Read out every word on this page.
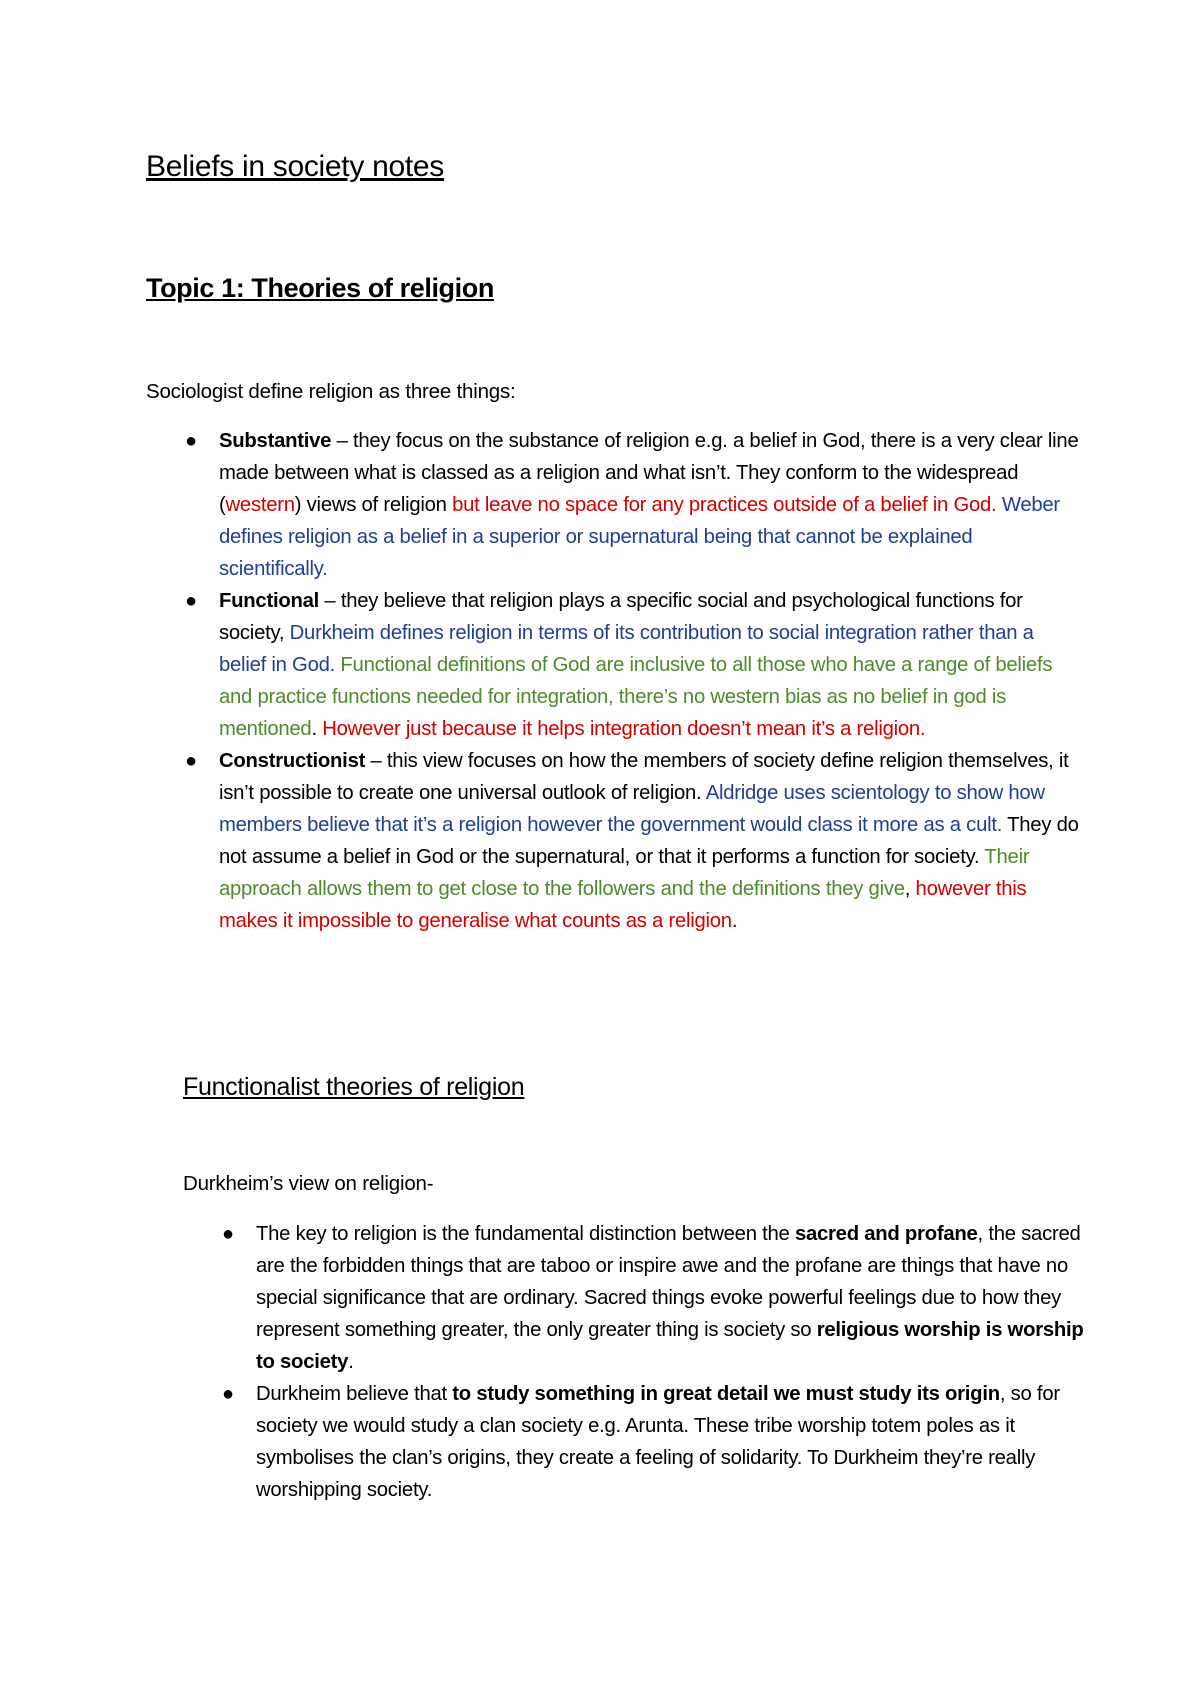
Beliefs in society notes
Topic 1: Theories of religion

Sociologist define religion as three things:

● Substantive – they focus on the substance of religion e.g. a belief in God, there is a very clear line made between what is classed as a religion and what isn’t. They conform to the widespread (western) views of religion but leave no space for any practices outside of a belief in God. Weber defines religion as a belief in a superior or supernatural being that cannot be explained scientifically.
● Functional – they believe that religion plays a specific social and psychological functions for society, Durkheim defines religion in terms of its contribution to social integration rather than a belief in God. Functional definitions of God are inclusive to all those who have a range of beliefs and practice functions needed for integration, there’s no western bias as no belief in god is mentioned. However just because it helps integration doesn’t mean it’s a religion.
● Constructionist – this view focuses on how the members of society define religion themselves, it isn’t possible to create one universal outlook of religion. Aldridge uses scientology to show how members believe that it’s a religion however the government would class it more as a cult. They do not assume a belief in God or the supernatural, or that it performs a function for society. Their approach allows them to get close to the followers and the definitions they give, however this makes it impossible to generalise what counts as a religion.
Functionalist theories of religion

Durkheim’s view on religion-

● The key to religion is the fundamental distinction between the sacred and profane, the sacred are the forbidden things that are taboo or inspire awe and the profane are things that have no special significance that are ordinary. Sacred things evoke powerful feelings due to how they represent something greater, the only greater thing is society so religious worship is worship to society.
● Durkheim believe that to study something in great detail we must study its origin, so for society we would study a clan society e.g. Arunta. These tribe worship totem poles as it symbolises the clan’s origins, they create a feeling of solidarity. To Durkheim they’re really worshipping society.
